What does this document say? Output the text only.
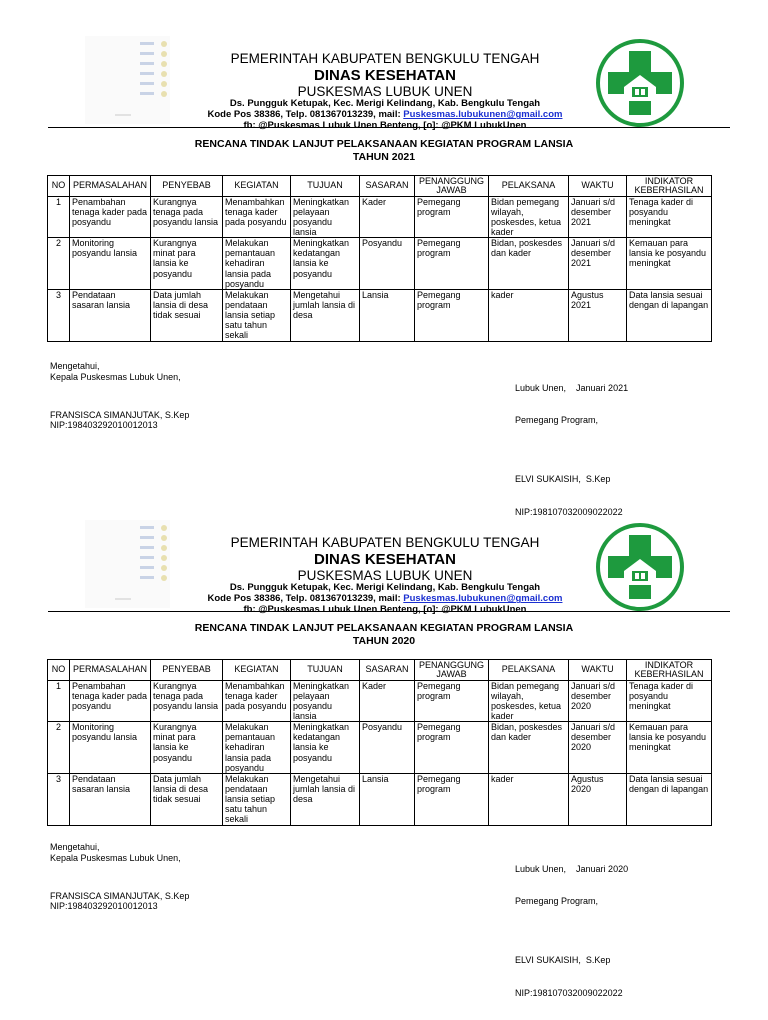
PEMERINTAH KABUPATEN BENGKULU TENGAH
DINAS KESEHATAN
PUSKESMAS LUBUK UNEN
Ds. Pungguk Ketupak, Kec. Merigi Kelindang, Kab. Bengkulu Tengah
Kode Pos 38386, Telp. 081367013239, mail: Puskesmas.lubukunen@gmail.com
fb: @Puskesmas Lubuk Unen Benteng, [o]: @PKM LubukUnen
RENCANA TINDAK LANJUT PELAKSANAAN KEGIATAN PROGRAM LANSIA
TAHUN 2021
NO	PERMASALAHAN	PENYEBAB	KEGIATAN	TUJUAN	SASARAN	PENANGGUNG JAWAB	PELAKSANA	WAKTU	INDIKATOR KEBERHASILAN
1	Penambahan tenaga kader pada posyandu	Kurangnya tenaga pada posyandu lansia	Menambahkan tenaga kader pada posyandu	Meningkatkan pelayaan posyandu lansia	Kader	Pemegang program	Bidan pemegang wilayah, poskesdes, ketua kader	Januari s/d desember 2021	Tenaga kader di posyandu meningkat
2	Monitoring posyandu lansia	Kurangnya minat para lansia ke posyandu	Melakukan pemantauan kehadiran lansia pada posyandu	Meningkatkan kedatangan lansia ke posyandu	Posyandu	Pemegang program	Bidan, poskesdes dan kader	Januari s/d desember 2021	Kemauan para lansia ke posyandu meningkat
3	Pendataan sasaran lansia	Data jumlah lansia di desa tidak sesuai	Melakukan pendataan lansia setiap satu tahun sekali	Mengetahui jumlah lansia di desa	Lansia	Pemegang program	kader	Agustus 2021	Data lansia sesuai dengan di lapangan
Mengetahui,
Kepala Puskesmas Lubuk Unen,
FRANSISCA SIMANJUTAK, S.Kep
NIP:198403292010012013

Lubuk Unen,    Januari 2021

Pemegang Program,

ELVI SUKAISIH,  S.Kep

NIP:198107032009022022

PEMERINTAH KABUPATEN BENGKULU TENGAH
DINAS KESEHATAN
PUSKESMAS LUBUK UNEN
Ds. Pungguk Ketupak, Kec. Merigi Kelindang, Kab. Bengkulu Tengah
Kode Pos 38386, Telp. 081367013239, mail: Puskesmas.lubukunen@gmail.com
fb: @Puskesmas Lubuk Unen Benteng, [o]: @PKM LubukUnen
RENCANA TINDAK LANJUT PELAKSANAAN KEGIATAN PROGRAM LANSIA
TAHUN 2020
NO	PERMASALAHAN	PENYEBAB	KEGIATAN	TUJUAN	SASARAN	PENANGGUNG JAWAB	PELAKSANA	WAKTU	INDIKATOR KEBERHASILAN
1	Penambahan tenaga kader pada posyandu	Kurangnya tenaga pada posyandu lansia	Menambahkan tenaga kader pada posyandu	Meningkatkan pelayaan posyandu lansia	Kader	Pemegang program	Bidan pemegang wilayah, poskesdes, ketua kader	Januari s/d desember 2020	Tenaga kader di posyandu meningkat
2	Monitoring posyandu lansia	Kurangnya minat para lansia ke posyandu	Melakukan pemantauan kehadiran lansia pada posyandu	Meningkatkan kedatangan lansia ke posyandu	Posyandu	Pemegang program	Bidan, poskesdes dan kader	Januari s/d desember 2020	Kemauan para lansia ke posyandu meningkat
3	Pendataan sasaran lansia	Data jumlah lansia di desa tidak sesuai	Melakukan pendataan lansia setiap satu tahun sekali	Mengetahui jumlah lansia di desa	Lansia	Pemegang program	kader	Agustus 2020	Data lansia sesuai dengan di lapangan
Mengetahui,
Kepala Puskesmas Lubuk Unen,
FRANSISCA SIMANJUTAK, S.Kep
NIP:198403292010012013

Lubuk Unen,    Januari 2020

Pemegang Program,

ELVI SUKAISIH,  S.Kep

NIP:198107032009022022
